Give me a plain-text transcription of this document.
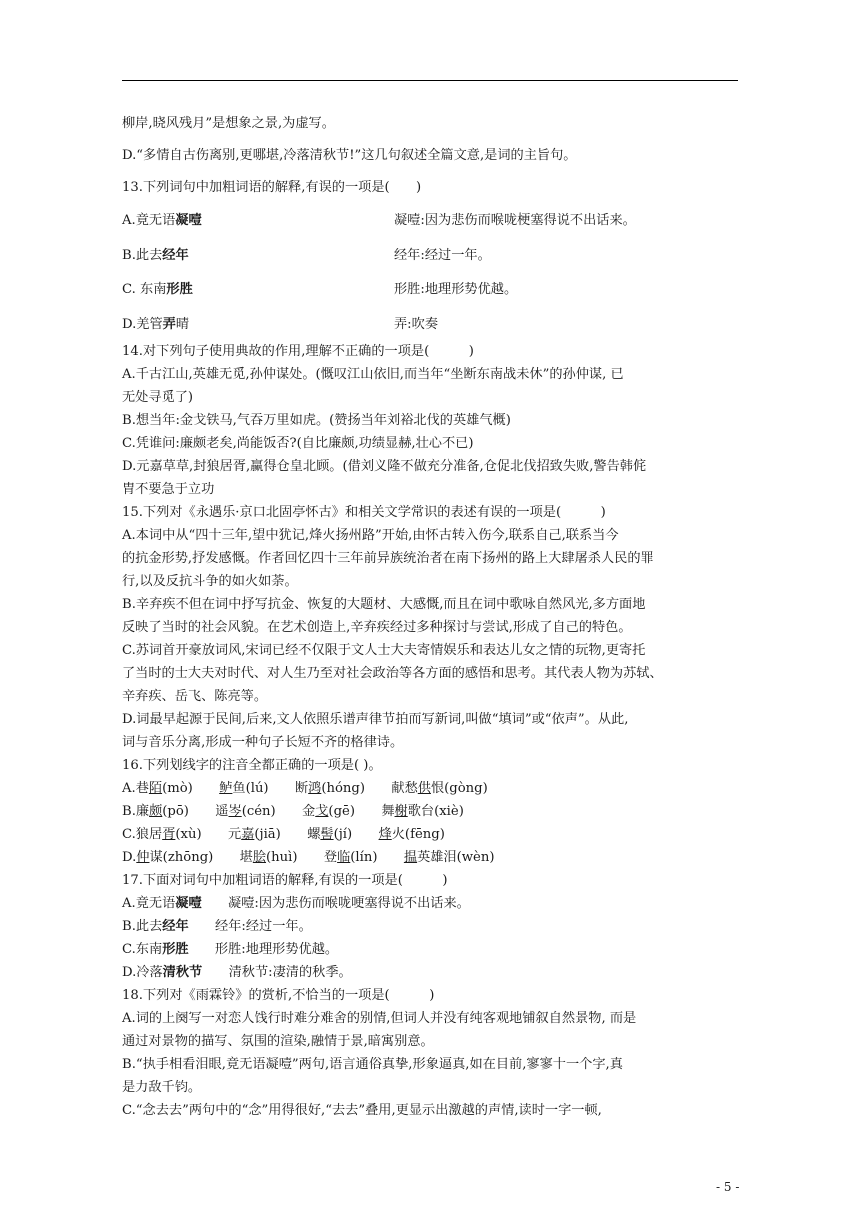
柳岸,晓风残月”是想象之景,为虚写。
D.“多情自古伤离别,更哪堪,冷落清秋节!”这几句叙述全篇文意,是词的主旨句。
13.下列词句中加粗词语的解释,有误的一项是(　　)
A.竟无语凝噎	凝噎:因为悲伤而喉咙梗塞得说不出话来。
B.此去经年	经年:经过一年。
C. 东南形胜	形胜:地理形势优越。
D.羌管弄晴	弄:吹奏
14.对下列句子使用典故的作用,理解不正确的一项是(　　　)
A.千古江山,英雄无觅,孙仲谋处。(慨叹江山依旧,而当年“坐断东南战未休”的孙仲谋, 已
无处寻觅了)
B.想当年:金戈铁马,气吞万里如虎。(赞扬当年刘裕北伐的英雄气概)
C.凭谁问:廉颇老矣,尚能饭否?(自比廉颇,功绩显赫,壮心不已)
D.元嘉草草,封狼居胥,赢得仓皇北顾。(借刘义隆不做充分准备,仓促北伐招致失败,警告韩侂
胄不要急于立功
15.下列对《永遇乐·京口北固亭怀古》和相关文学常识的表述有误的一项是(　　　)
A.本词中从“四十三年,望中犹记,烽火扬州路”开始,由怀古转入伤今,联系自己,联系当今
的抗金形势,抒发感慨。作者回忆四十三年前异族统治者在南下扬州的路上大肆屠杀人民的罪
行,以及反抗斗争的如火如荼。
B.辛弃疾不但在词中抒写抗金、恢复的大题材、大感慨,而且在词中歌咏自然风光,多方面地
反映了当时的社会风貌。在艺术创造上,辛弃疾经过多种探讨与尝试,形成了自己的特色。
C.苏词首开豪放词风,宋词已经不仅限于文人士大夫寄情娱乐和表达儿女之情的玩物,更寄托
了当时的士大夫对时代、对人生乃至对社会政治等各方面的感悟和思考。其代表人物为苏轼、
辛弃疾、岳飞、陈亮等。
D.词最早起源于民间,后来,文人依照乐谱声律节拍而写新词,叫做“填词”或“依声”。从此,
词与音乐分离,形成一种句子长短不齐的格律诗。
16.下列划线字的注音全都正确的一项是( )。
A.巷陌(mò)　　鲈鱼(lú)　　断鸿(hóng)　　献愁供恨(gòng)
B.廉颇(pō)　　遥岑(cén)　　金戈(gē)　　舞榭歌台(xiè)
C.狼居胥(xù)　　元嘉(jiā)　　螺髻(jí)　　烽火(fēng)
D.仲谋(zhōng)　　堪脍(huì)　　登临(lín)　　揾英雄泪(wèn)
17.下面对词句中加粗词语的解释,有误的一项是(　　　)
A.竟无语凝噎　　凝噎:因为悲伤而喉咙哽塞得说不出话来。
B.此去经年　　经年:经过一年。
C.东南形胜　　形胜:地理形势优越。
D.冷落清秋节　　清秋节:凄清的秋季。
18.下列对《雨霖铃》的赏析,不恰当的一项是(　　　)
A.词的上阕写一对恋人饯行时难分难舍的别情,但词人并没有纯客观地铺叙自然景物, 而是
通过对景物的描写、氛围的渲染,融情于景,暗寓别意。
B.“执手相看泪眼,竟无语凝噎”两句,语言通俗真挚,形象逼真,如在目前,寥寥十一个字,真
是力敌千钧。
C.“念去去”两句中的“念”用得很好,“去去”叠用,更显示出激越的声情,读时一字一顿,
- 5 -
